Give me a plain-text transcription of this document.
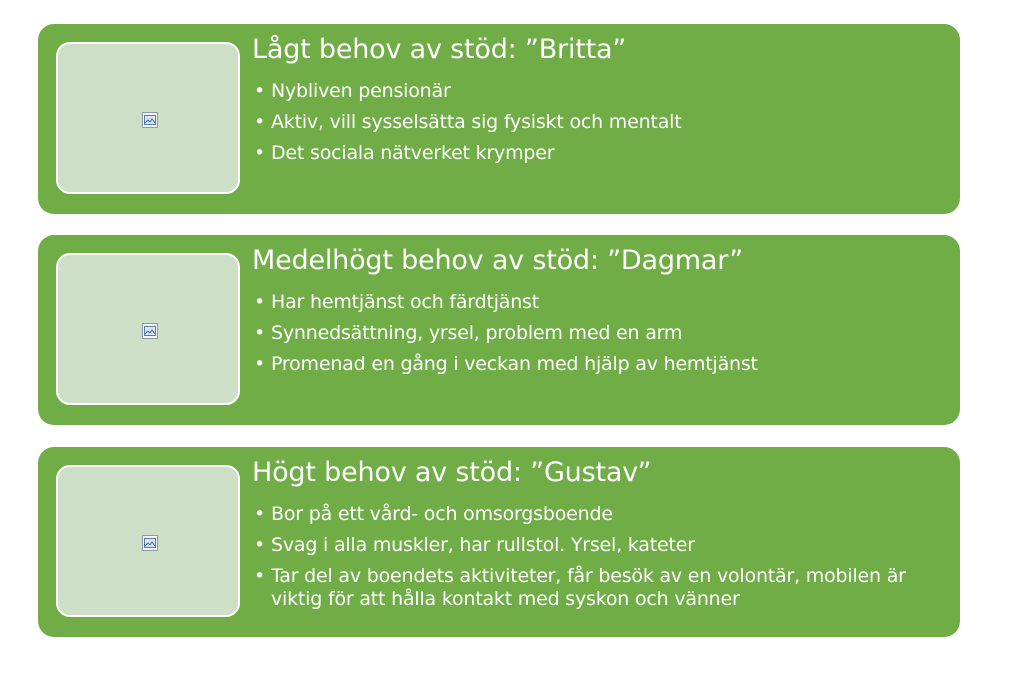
Lågt behov av stöd: ”Britta”
• Nybliven pensionär
• Aktiv, vill sysselsätta sig fysiskt och mentalt
• Det sociala nätverket krymper
Medelhögt behov av stöd: ”Dagmar”
• Har hemtjänst och färdtjänst
• Synnedsättning, yrsel, problem med en arm
• Promenad en gång i veckan med hjälp av hemtjänst
Högt behov av stöd: ”Gustav”
• Bor på ett vård- och omsorgsboende
• Svag i alla muskler, har rullstol. Yrsel, kateter
• Tar del av boendets aktiviteter, får besök av en volontär, mobilen är viktig för att hålla kontakt med syskon och vänner
